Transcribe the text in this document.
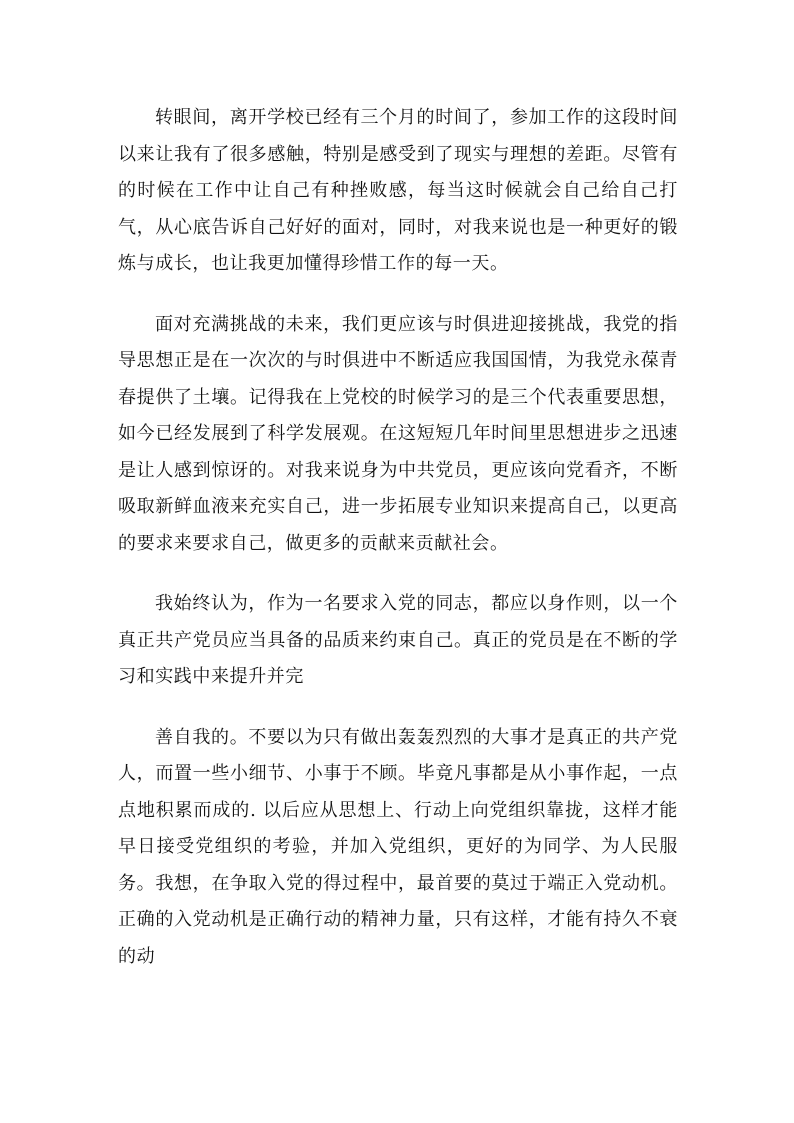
转眼间，离开学校已经有三个月的时间了，参加工作的这段时间以来让我有了很多感触，特别是感受到了现实与理想的差距。尽管有的时候在工作中让自己有种挫败感，每当这时候就会自己给自己打气，从心底告诉自己好好的面对，同时，对我来说也是一种更好的锻炼与成长，也让我更加懂得珍惜工作的每一天。

面对充满挑战的未来，我们更应该与时俱进迎接挑战，我党的指导思想正是在一次次的与时俱进中不断适应我国国情，为我党永葆青春提供了土壤。记得我在上党校的时候学习的是三个代表重要思想，如今已经发展到了科学发展观。在这短短几年时间里思想进步之迅速是让人感到惊讶的。对我来说身为中共党员，更应该向党看齐，不断吸取新鲜血液来充实自己，进一步拓展专业知识来提高自己，以更高的要求来要求自己，做更多的贡献来贡献社会。

我始终认为，作为一名要求入党的同志，都应以身作则，以一个真正共产党员应当具备的品质来约束自己。真正的党员是在不断的学习和实践中来提升并完

善自我的。不要以为只有做出轰轰烈烈的大事才是真正的共产党人，而置一些小细节、小事于不顾。毕竟凡事都是从小事作起，一点点地积累而成的. 以后应从思想上、行动上向党组织靠拢，这样才能早日接受党组织的考验，并加入党组织，更好的为同学、为人民服务。我想，在争取入党的得过程中，最首要的莫过于端正入党动机。正确的入党动机是正确行动的精神力量，只有这样，才能有持久不衰的动
